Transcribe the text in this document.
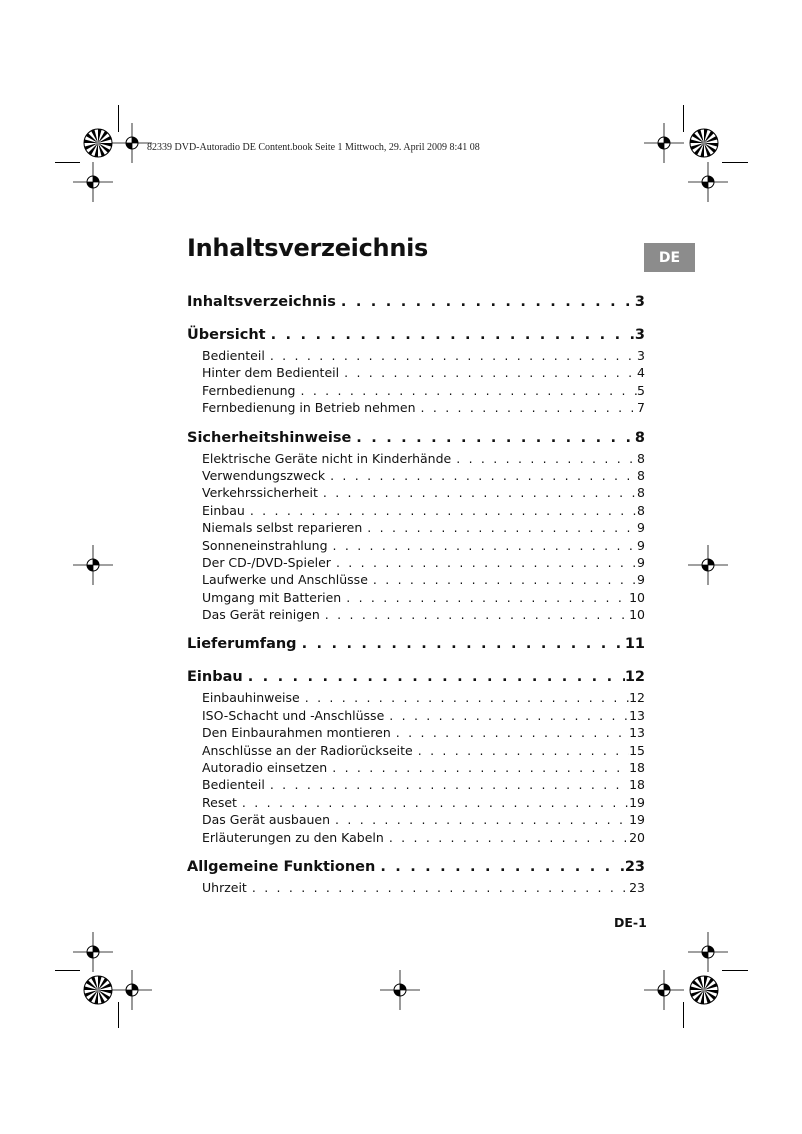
82339 DVD-Autoradio DE Content.book Seite 1 Mittwoch, 29. April 2009 8:41 08
Inhaltsverzeichnis	DE
Inhaltsverzeichnis . . .	3
Übersicht . . .	3
Bedienteil . . .	3
Hinter dem Bedienteil . . .	4
Fernbedienung . . .	5
Fernbedienung in Betrieb nehmen . . .	7
Sicherheitshinweise . . .	8
Elektrische Geräte nicht in Kinderhände . . .	8
Verwendungszweck . . .	8
Verkehrssicherheit . . .	8
Einbau . . .	8
Niemals selbst reparieren . . .	9
Sonneneinstrahlung . . .	9
Der CD-/DVD-Spieler . . .	9
Laufwerke und Anschlüsse . . .	9
Umgang mit Batterien . . .	10
Das Gerät reinigen . . .	10
Lieferumfang . . .	11
Einbau . . .	12
Einbauhinweise . . .	12
ISO-Schacht und -Anschlüsse . . .	13
Den Einbaurahmen montieren . . .	13
Anschlüsse an der Radiorückseite . . .	15
Autoradio einsetzen . . .	18
Bedienteil . . .	18
Reset . . .	19
Das Gerät ausbauen . . .	19
Erläuterungen zu den Kabeln . . .	20
Allgemeine Funktionen . . .	23
Uhrzeit . . .	23
DE-1
